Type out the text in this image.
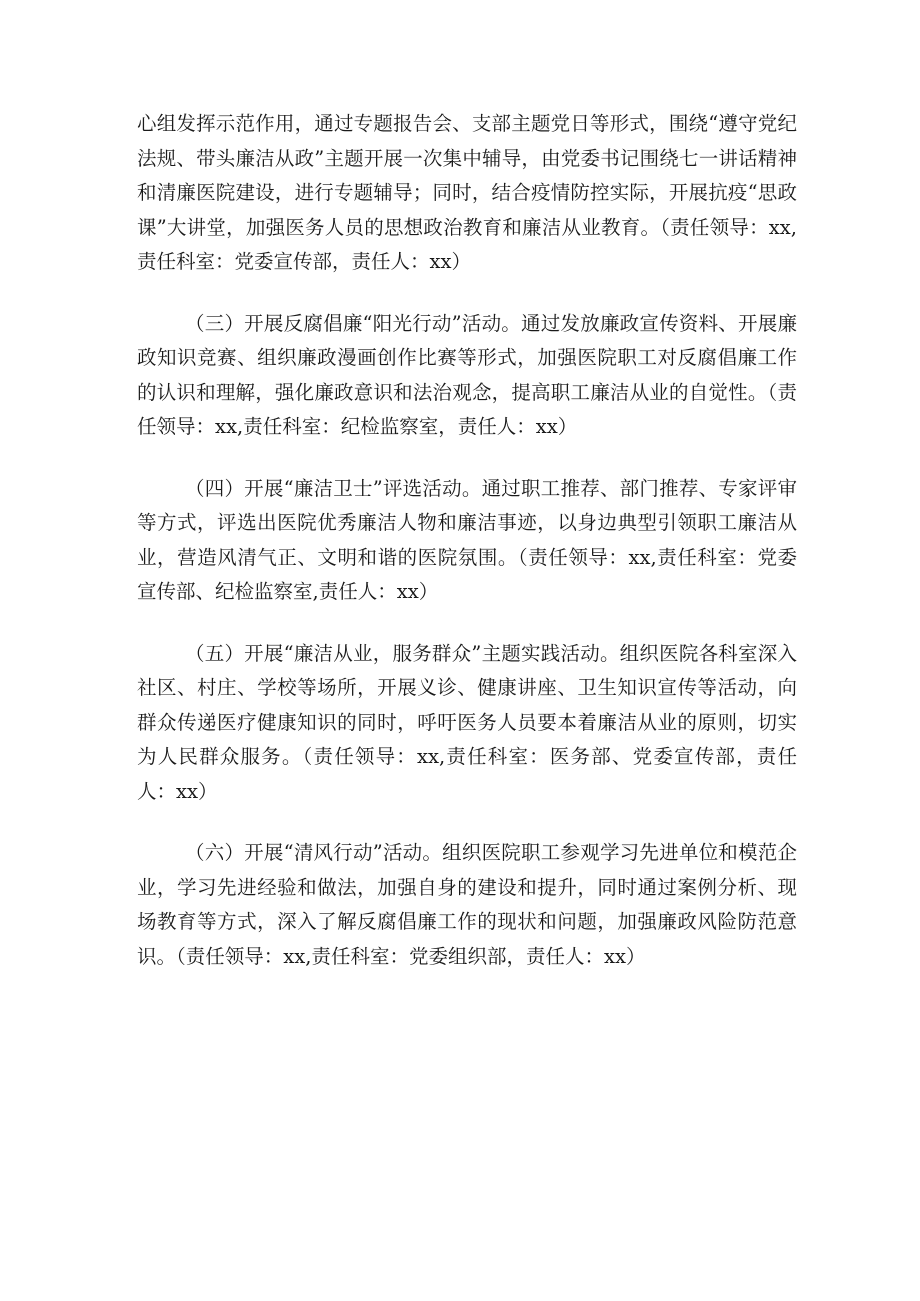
心组发挥示范作用，通过专题报告会、支部主题党日等形式，围绕“遵守党纪法规、带头廉洁从政”主题开展一次集中辅导，由党委书记围绕七一讲话精神和清廉医院建设，进行专题辅导；同时，结合疫情防控实际，开展抗疫“思政课”大讲堂，加强医务人员的思想政治教育和廉洁从业教育。（责任领导：xx,责任科室：党委宣传部，责任人：xx）

（三）开展反腐倡廉“阳光行动”活动。通过发放廉政宣传资料、开展廉政知识竞赛、组织廉政漫画创作比赛等形式，加强医院职工对反腐倡廉工作的认识和理解，强化廉政意识和法治观念，提高职工廉洁从业的自觉性。（责任领导：xx,责任科室：纪检监察室，责任人：xx）

（四）开展“廉洁卫士”评选活动。通过职工推荐、部门推荐、专家评审等方式，评选出医院优秀廉洁人物和廉洁事迹，以身边典型引领职工廉洁从业，营造风清气正、文明和谐的医院氛围。（责任领导：xx,责任科室：党委宣传部、纪检监察室,责任人：xx）

（五）开展“廉洁从业，服务群众”主题实践活动。组织医院各科室深入社区、村庄、学校等场所，开展义诊、健康讲座、卫生知识宣传等活动，向群众传递医疗健康知识的同时，呼吁医务人员要本着廉洁从业的原则，切实为人民群众服务。（责任领导：xx,责任科室：医务部、党委宣传部，责任人：xx）

（六）开展“清风行动”活动。组织医院职工参观学习先进单位和模范企业，学习先进经验和做法，加强自身的建设和提升，同时通过案例分析、现场教育等方式，深入了解反腐倡廉工作的现状和问题，加强廉政风险防范意识。（责任领导：xx,责任科室：党委组织部，责任人：xx）
